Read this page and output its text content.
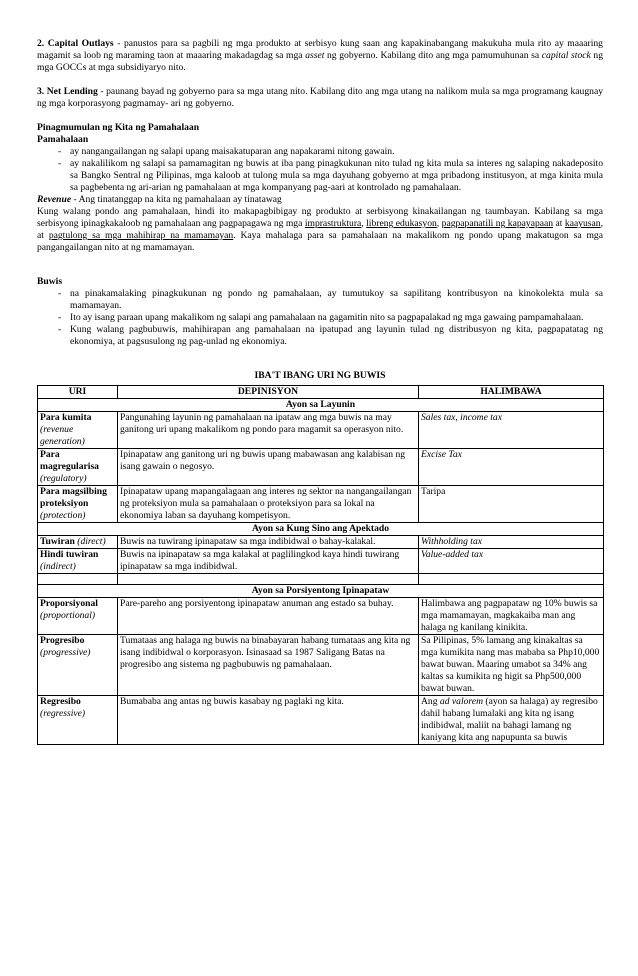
2. Capital Outlays - panustos para sa pagbili ng mga produkto at serbisyo kung saan ang kapakinabangang makukuha mula rito ay maaaring magamit sa loob ng maraming taon at maaaring makadagdag sa mga asset ng gobyerno. Kabilang dito ang mga pamumuhunan sa capital stock ng mga GOCCs at mga subsidiyaryo nito.

3. Net Lending - paunang bayad ng gobyerno para sa mga utang nito. Kabilang dito ang mga utang na nalikom mula sa mga programang kaugnay ng mga korporasyong pagmamay- ari ng gobyerno.

Pinagmumulan ng Kita ng Pamahalaan

Pamahalaan

- ay nangangailangan ng salapi upang maisakatuparan ang napakarami nitong gawain.
- ay nakalilikom ng salapi sa pamamagitan ng buwis at iba pang pinagkukunan nito tulad ng kita mula sa interes ng salaping nakadeposito sa Bangko Sentral ng Pilipinas, mga kaloob at tulong mula sa mga dayuhang gobyerno at mga pribadong institusyon, at mga kinita mula sa pagbebenta ng ari-arian ng pamahalaan at mga kompanyang pag-aari at kontrolado ng pamahalaan.

Revenue - Ang tinatanggap na kita ng pamahalaan ay tinatawag

Kung walang pondo ang pamahalaan, hindi ito makapagbibigay ng produkto at serbisyong kinakailangan ng taumbayan. Kabilang sa mga serbisyong ipinagkakaloob ng pamahalaan ang pagpapagawa ng mga imprastruktura, libreng edukasyon, pagpapanatili ng kapayapaan at kaayusan, at pagtulong sa mga mahihirap na mamamayan. Kaya mahalaga para sa pamahalaan na makalikom ng pondo upang makatugon sa mga pangangailangan nito at ng mamamayan.

Buwis

- na pinakamalaking pinagkukunan ng pondo ng pamahalaan, ay tumutukoy sa sapilitang kontribusyon na kinokolekta mula sa mamamayan.
- Ito ay isang paraan upang makalikom ng salapi ang pamahalaan na gagamitin nito sa pagpapalakad ng mga gawaing pampamahalaan.
- Kung walang pagbubuwis, mahihirapan ang pamahalaan na ipatupad ang layunin tulad ng distribusyon ng kita, pagpapatatag ng ekonomiya, at pagsusulong ng pag-unlad ng ekonomiya.

IBA'T IBANG URI NG BUWIS

URI	DEPINISYON	HALIMBAWA
Ayon sa Layunin		
Para kumita
(revenue generation)	Pangunahing layunin ng pamahalaan na ipataw ang mga buwis na may ganitong uri upang makalikom ng pondo para magamit sa operasyon nito.	Sales tax, income tax
Para magregularisa
(regulatory)	Ipinapataw ang ganitong uri ng buwis upang mabawasan ang kalabisan ng isang gawain o negosyo.	Excise Tax
Para magsilbing proteksiyon
(protection)	Ipinapataw upang mapangalagaan ang interes ng sektor na nangangailangan ng proteksiyon mula sa pamahalaan o proteksiyon para sa lokal na ekonomiya laban sa dayuhang kompetisyon.	Taripa
Ayon sa Kung Sino ang Apektado		
Tuwiran (direct)	Buwis na tuwirang ipinapataw sa mga indibidwal o bahay-kalakal.	Withholding tax
Hindi tuwiran
(indirect)	Buwis na ipinapataw sa mga kalakal at paglilingkod kaya hindi tuwirang ipinapataw sa mga indibidwal.	Value-added tax

Ayon sa Porsiyentong Ipinapataw		
Proporsiyonal
(proportional)	Pare-pareho ang porsiyentong ipinapataw anuman ang estado sa buhay.	Halimbawa ang pagpapataw ng 10% buwis sa mga mamamayan, magkakaiba man ang halaga ng kanilang kinikita.
Progresibo
(progressive)	Tumataas ang halaga ng buwis na binabayaran habang tumataas ang kita ng isang indibidwal o korporasyon. Isinasaad sa 1987 Saligang Batas na progresibo ang sistema ng pagbubuwis ng pamahalaan.	Sa Pilipinas, 5% lamang ang kinakaltas sa mga kumikita nang mas mababa sa Php10,000 bawat buwan. Maaring umabot sa 34% ang kaltas sa kumikita ng higit sa Php500,000 bawat buwan.
Regresibo
(regressive)	Bumababa ang antas ng buwis kasabay ng paglaki ng kita.	Ang ad valorem (ayon sa halaga) ay regresibo dahil habang lumalaki ang kita ng isang indibidwal, maliit na bahagi lamang ng kaniyang kita ang napupunta sa buwis
